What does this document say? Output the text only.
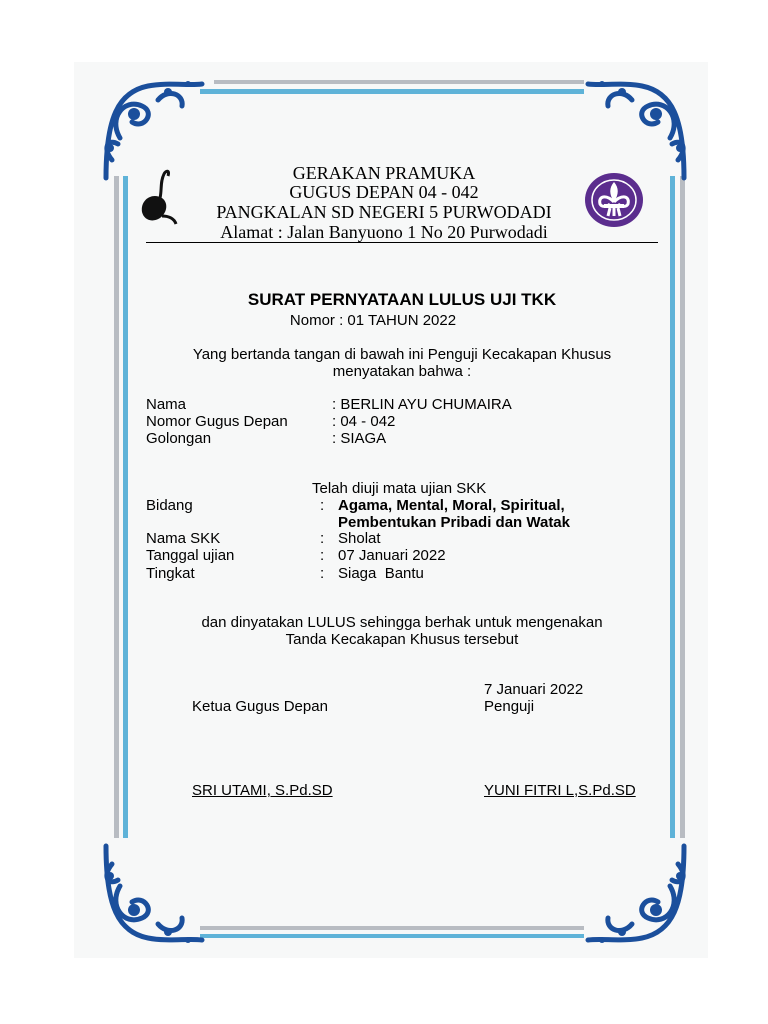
GERAKAN PRAMUKA
GUGUS DEPAN 04 - 042
PANGKALAN SD NEGERI 5 PURWODADI
Alamat : Jalan Banyuono 1 No 20 Purwodadi
SURAT PERNYATAAN LULUS UJI TKK
Nomor : 01 TAHUN 2022
Yang bertanda tangan di bawah ini Penguji Kecakapan Khusus
menyatakan bahwa :
Nama	: BERLIN AYU CHUMAIRA
Nomor Gugus Depan	: 04 - 042
Golongan	: SIAGA
Telah diuji mata ujian SKK
Bidang	: Agama, Mental, Moral, Spiritual,
Pembentukan Pribadi dan Watak
Nama SKK	: Sholat
Tanggal ujian	: 07 Januari 2022
Tingkat	: Siaga  Bantu
dan dinyatakan LULUS sehingga berhak untuk mengenakan
Tanda Kecakapan Khusus tersebut
7 Januari 2022
Ketua Gugus Depan	Penguji
SRI UTAMI, S.Pd.SD	YUNI FITRI L,S.Pd.SD
